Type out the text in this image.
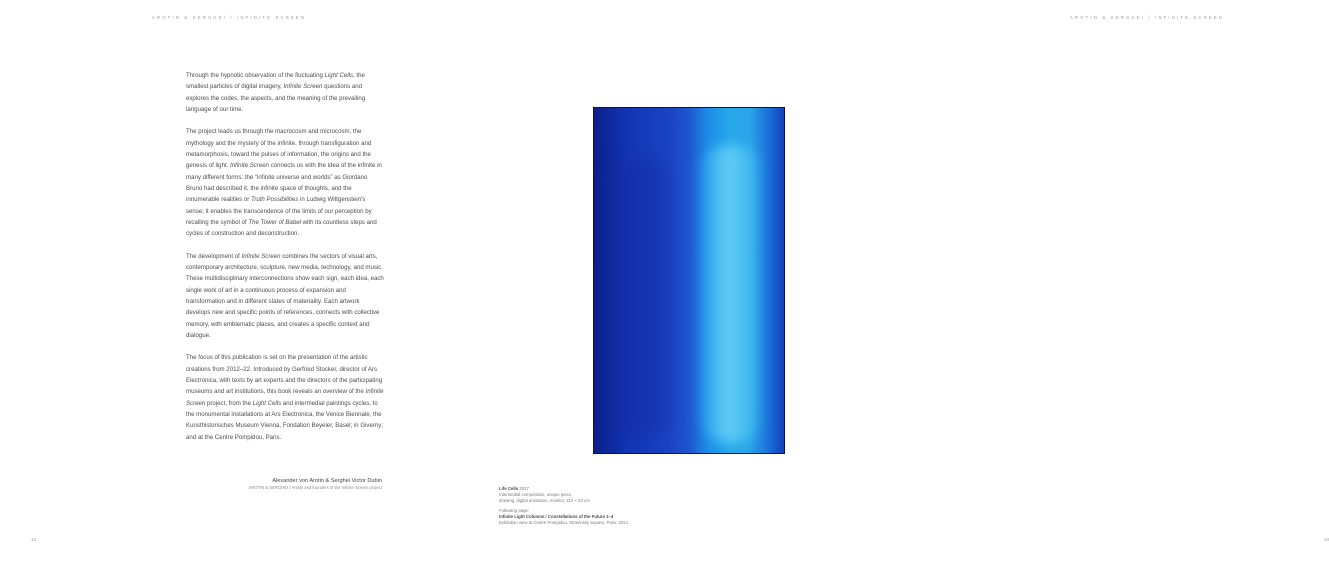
AROTIN & SERGHEI / INFINITE SCREEN

Through the hypnotic observation of the fluctuating Light Cells, the smallest particles of digital imagery, Infinite Screen questions and explores the codes, the aspects, and the meaning of the prevailing language of our time.

The project leads us through the macrocosm and microcosm, the mythology and the mystery of the infinite, through transfiguration and metamorphosis, toward the pulses of information, the origins and the genesis of light. Infinite Screen connects us with the idea of the infinite in many different forms: the “infinite universe and worlds” as Giordano Bruno had described it, the infinite space of thoughts, and the innumerable realities or Truth Possibilities in Ludwig Wittgenstein’s sense; it enables the transcendence of the limits of our perception by recalling the symbol of The Tower of Babel with its countless steps and cycles of construction and deconstruction.

The development of Infinite Screen combines the sectors of visual arts, contemporary architecture, sculpture, new media, technology, and music. These multidisciplinary interconnections show each sign, each idea, each single work of art in a continuous process of expansion and transformation and in different states of materiality. Each artwork develops new and specific points of references, connects with collective memory, with emblematic places, and creates a specific context and dialogue.

The focus of this publication is set on the presentation of the artistic creations from 2012–22. Introduced by Gerfried Stocker, director of Ars Electronica, with texts by art experts and the directors of the participating museums and art institutions, this book reveals an overview of the Infinite Screen project, from the Light Cells and intermedial paintings cycles, to the monumental installations at Ars Electronica, the Venice Biennale, the Kunsthistorisches Museum Vienna, Fondation Beyeler, Basel; in Giverny; and at the Centre Pompidou, Paris.

Alexander von Arotin & Serghei Victor Dubin
AROTIN & SERGHEI / Artists and founders of the Infinite Screen project
12
AROTIN & SERGHEI / INFINITE SCREEN
13
Life Cells 2017
Intermedial composition, unique piece,
drawing, digital animation, monitor, 112 × 63 cm
Following page:
Infinite Light Columns / Constellations of the Future 1–4
Exhibition view at Centre Pompidou, Stravinsky Square, Paris, 2021
